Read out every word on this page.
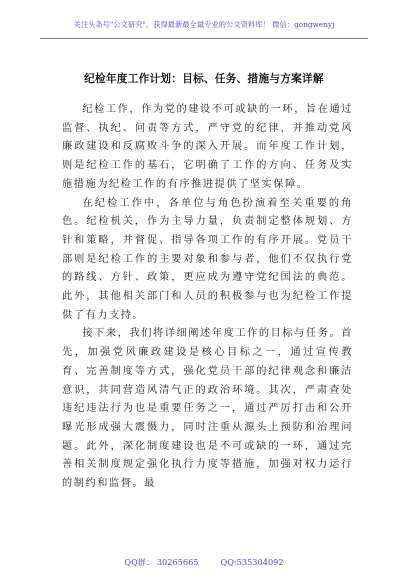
关注头条号"公文研究"，获得最新最全最专业的公文资料库！ 微信：gongwenyj
纪检年度工作计划：目标、任务、措施与方案详解

纪检工作，作为党的建设不可或缺的一环，旨在通过监督、执纪、问责等方式，严守党的纪律，并推动党风廉政建设和反腐败斗争的深入开展。而年度工作计划，则是纪检工作的基石，它明确了工作的方向、任务及实施措施为纪检工作的有序推进提供了坚实保障。

在纪检工作中，各单位与角色扮演着至关重要的角色。纪检机关，作为主导力量，负责制定整体规划、方针和策略，并督促、指导各项工作的有序开展。党员干部则是纪检工作的主要对象和参与者，他们不仅执行党的路线、方针、政策，更应成为遵守党纪国法的典范。此外，其他相关部门和人员的积极参与也为纪检工作提供了有力支持。

接下来，我们将详细阐述年度工作的目标与任务。首先，加强党风廉政建设是核心目标之一，通过宣传教育、完善制度等方式，强化党员干部的纪律观念和廉洁意识，共同营造风清气正的政治环境。其次，严肃查处违纪违法行为也是重要任务之一，通过严厉打击和公开曝光形成强大震慑力，同时注重从源头上预防和治理问题。此外，深化制度建设也是不可或缺的一环，通过完善相关制度规定强化执行力度等措施，加强对权力运行的制约和监督。最

QQ群： 30265665	QQ:535304092
